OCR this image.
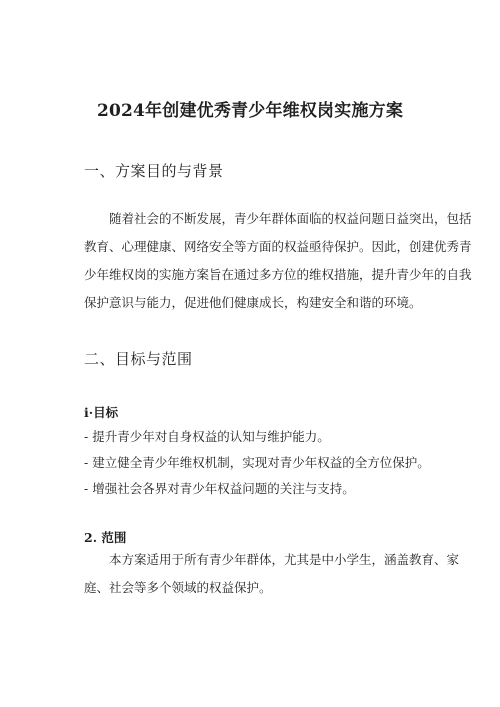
2024年创建优秀青少年维权岗实施方案
一、方案目的与背景

随着社会的不断发展，青少年群体面临的权益问题日益突出，包括
教育、心理健康、网络安全等方面的权益亟待保护。因此，创建优秀青
少年维权岗的实施方案旨在通过多方位的维权措施，提升青少年的自我
保护意识与能力，促进他们健康成长，构建安全和谐的环境。

二、目标与范围
i·目标
- 提升青少年对自身权益的认知与维护能力。
- 建立健全青少年维权机制，实现对青少年权益的全方位保护。
- 增强社会各界对青少年权益问题的关注与支持。
2. 范围

本方案适用于所有青少年群体，尤其是中小学生，涵盖教育、家
庭、社会等多个领域的权益保护。
